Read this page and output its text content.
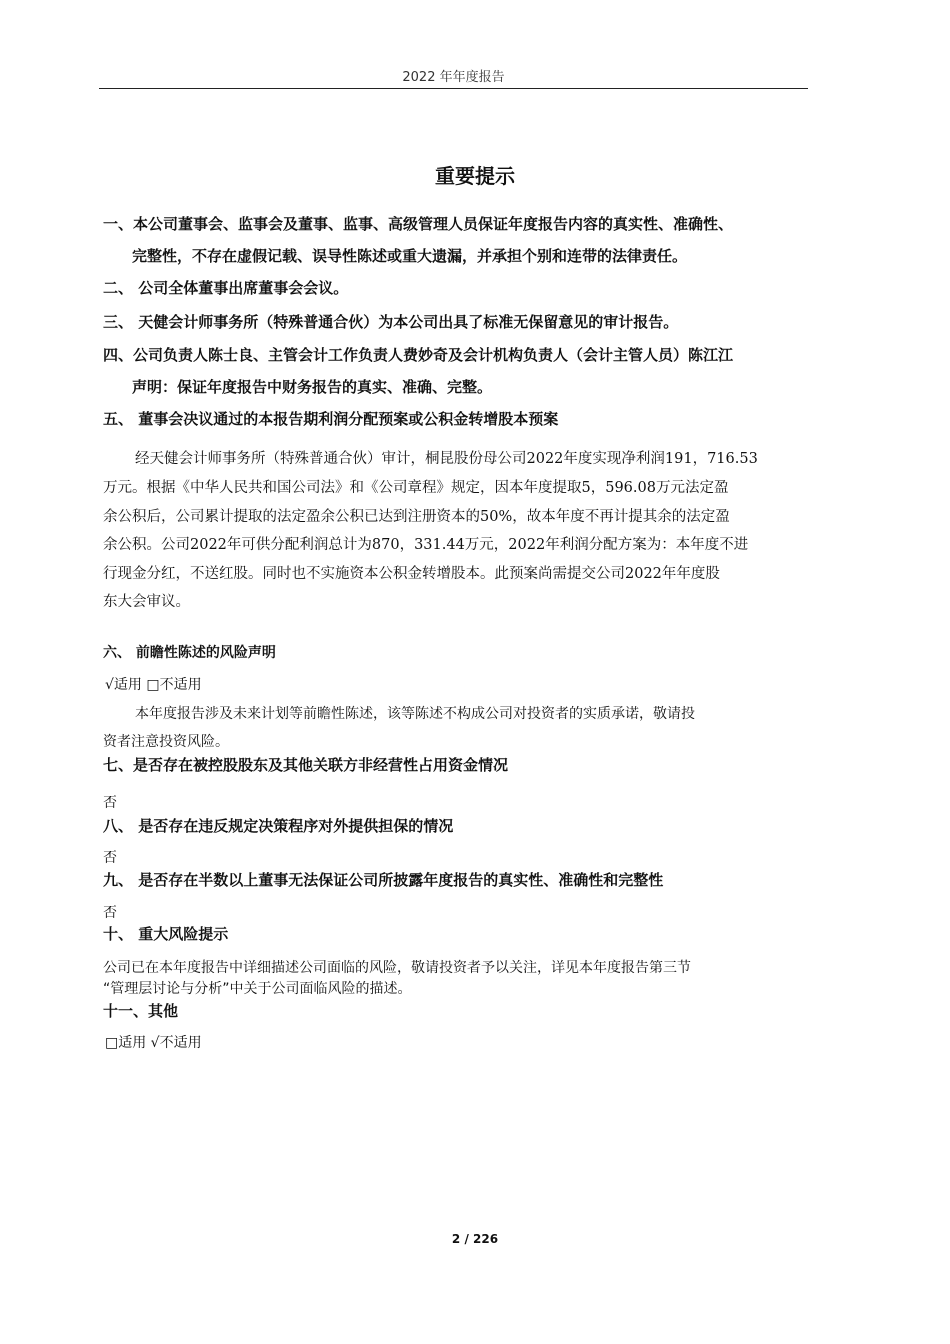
2022 年年度报告
重要提示
一、本公司董事会、监事会及董事、监事、高级管理人员保证年度报告内容的真实性、准确性、
完整性，不存在虚假记载、误导性陈述或重大遗漏，并承担个别和连带的法律责任。
二、 公司全体董事出席董事会会议。
三、 天健会计师事务所（特殊普通合伙）为本公司出具了标准无保留意见的审计报告。
四、公司负责人陈士良、主管会计工作负责人费妙奇及会计机构负责人（会计主管人员）陈江江
声明：保证年度报告中财务报告的真实、准确、完整。
五、 董事会决议通过的本报告期利润分配预案或公积金转增股本预案
经天健会计师事务所（特殊普通合伙）审计，桐昆股份母公司2022年度实现净利润191，716.53
万元。根据《中华人民共和国公司法》和《公司章程》规定，因本年度提取5，596.08万元法定盈
余公积后，公司累计提取的法定盈余公积已达到注册资本的50%，故本年度不再计提其余的法定盈
余公积。公司2022年可供分配利润总计为870，331.44万元，2022年利润分配方案为：本年度不进
行现金分红，不送红股。同时也不实施资本公积金转增股本。此预案尚需提交公司2022年年度股
东大会审议。
六、 前瞻性陈述的风险声明
√适用 □不适用
本年度报告涉及未来计划等前瞻性陈述，该等陈述不构成公司对投资者的实质承诺，敬请投
资者注意投资风险。
七、是否存在被控股股东及其他关联方非经营性占用资金情况
否
八、 是否存在违反规定决策程序对外提供担保的情况
否
九、 是否存在半数以上董事无法保证公司所披露年度报告的真实性、准确性和完整性
否
十、 重大风险提示
公司已在本年度报告中详细描述公司面临的风险，敬请投资者予以关注，详见本年度报告第三节
“管理层讨论与分析”中关于公司面临风险的描述。
十一、其他
□适用 √不适用
2 / 226
